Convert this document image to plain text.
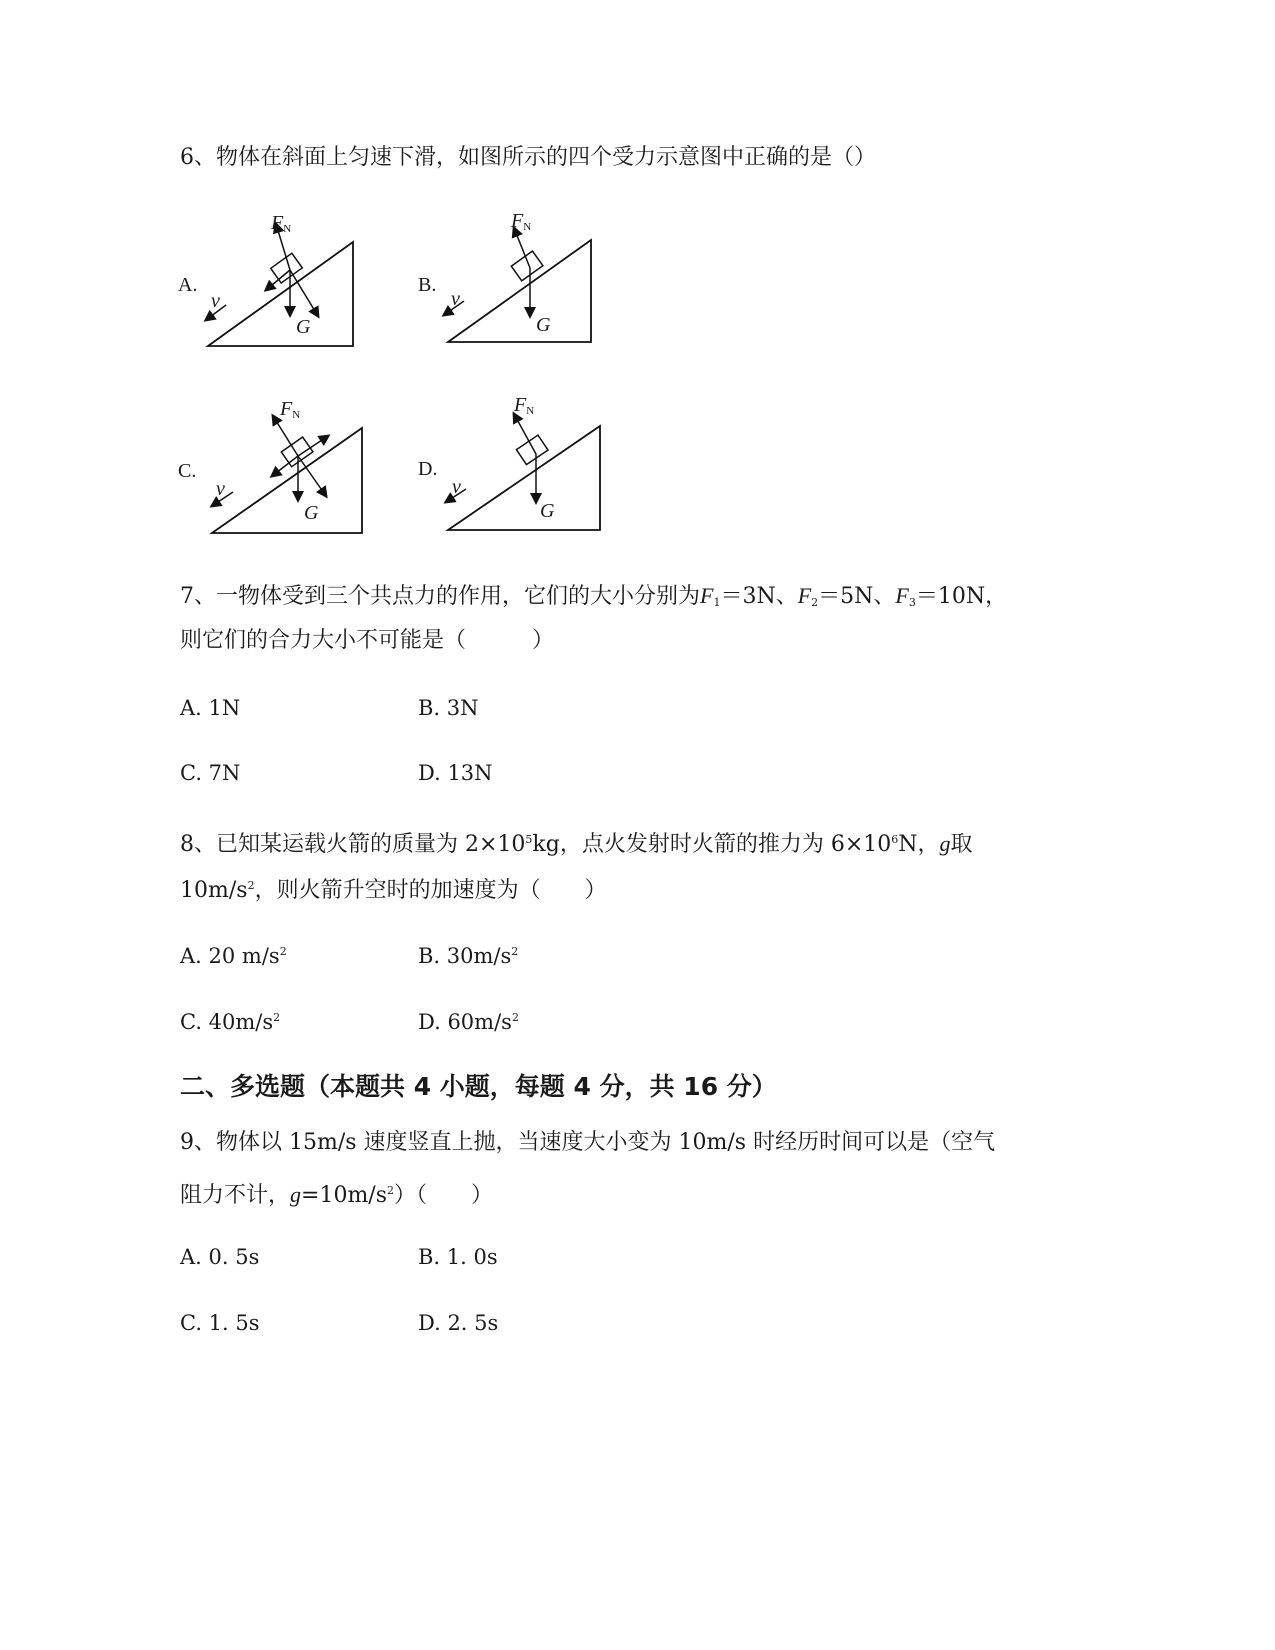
6、物体在斜面上匀速下滑，如图所示的四个受力示意图中正确的是（）
A.
$F_N$
v
G
B.
$F_N$
v
G
C.
$F_N$
v
G
D.
$F_N$
v
G
7、一物体受到三个共点力的作用，它们的大小分别为$F_1=3N$、$F_2=5N$、$F_3=10N$，
则它们的合力大小不可能是（　　　）
A. 1N	B. 3N
C. 7N	D. 13N
8、已知某运载火箭的质量为 $2\times 10^5kg$，点火发射时火箭的推力为 $6\times 10^6N$，g取
$10m/s^2$，则火箭升空时的加速度为（　　）
A. 20 $m/s^2$	B. $30m/s^2$
C. $40m/s^2$	D. $60m/s^2$
二、多选题（本题共 4 小题，每题 4 分，共 16 分）
9、物体以 15m/s 速度竖直上抛，当速度大小变为 10m/s 时经历时间可以是（空气
阻力不计，$g=10m/s^2$）（　　）
A. 0. 5s	B. 1. 0s
C. 1. 5s	D. 2. 5s
